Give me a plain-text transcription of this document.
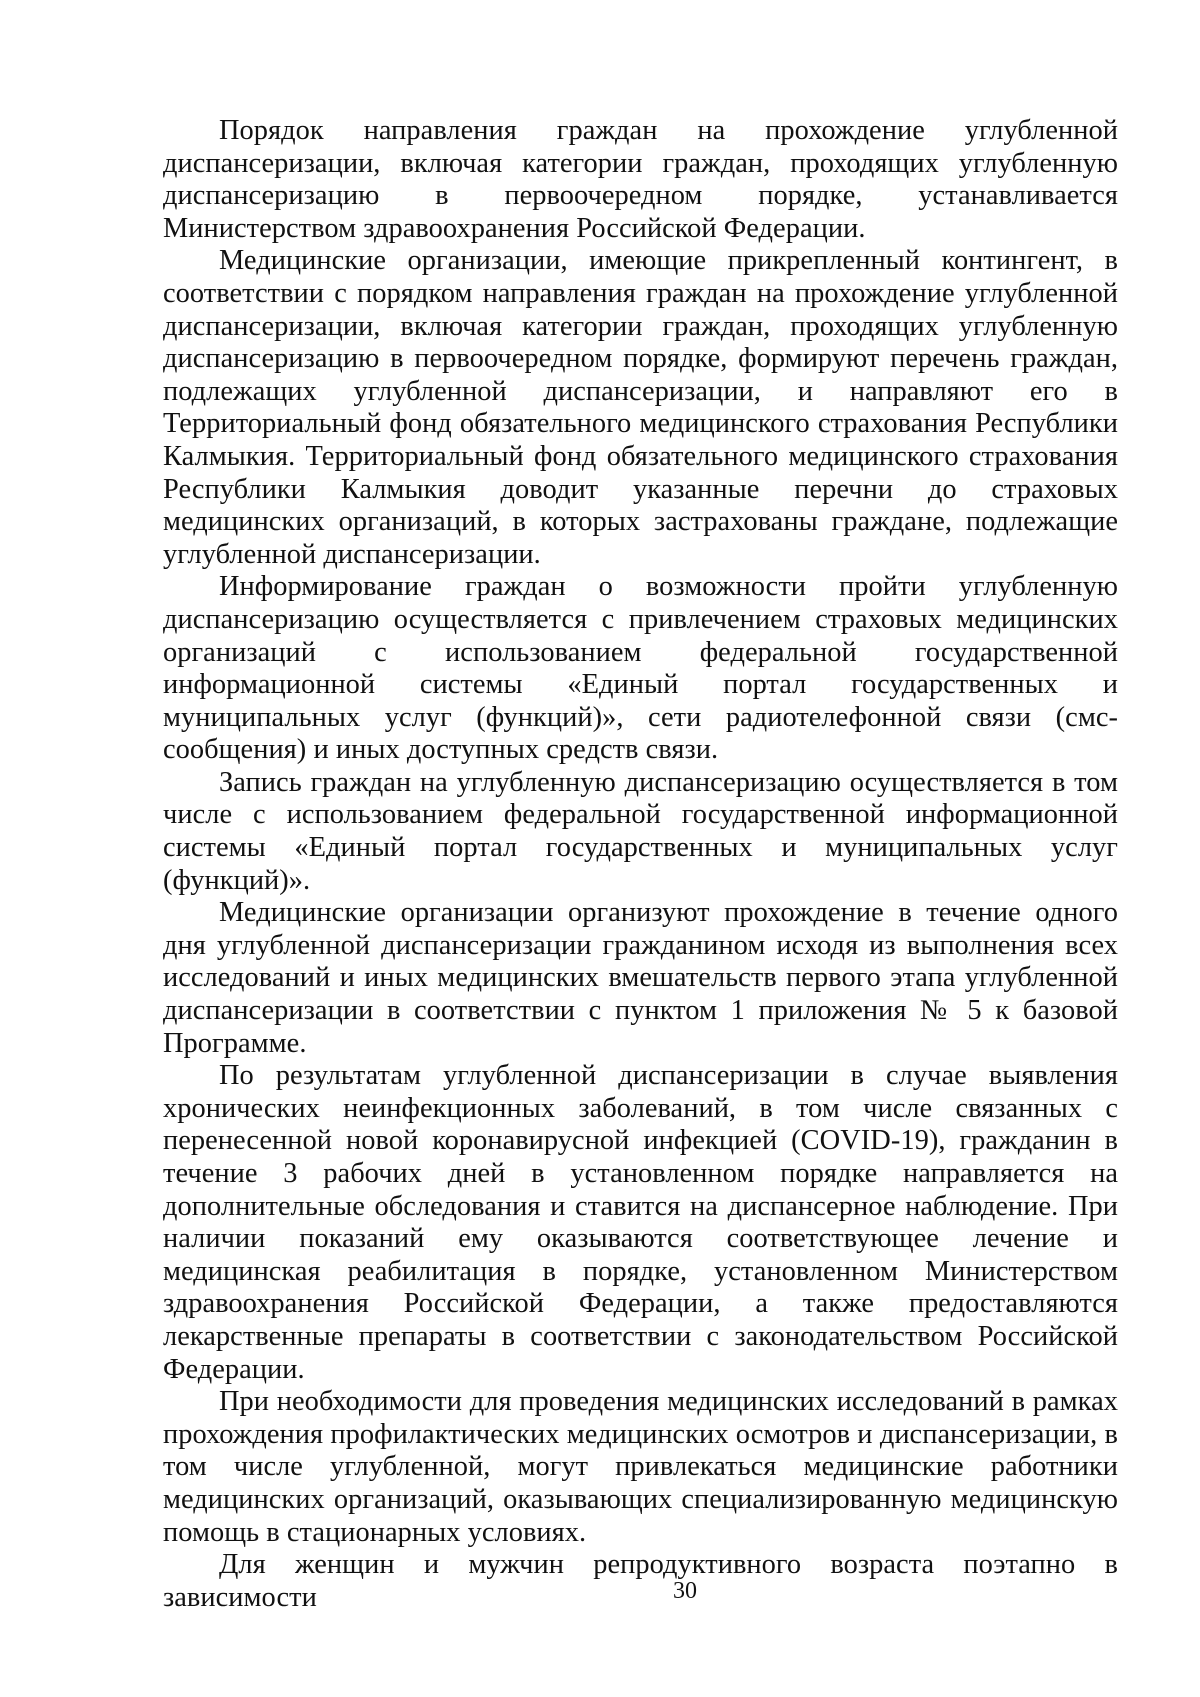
Порядок направления граждан на прохождение углубленной диспансеризации, включая категории граждан, проходящих углубленную диспансеризацию в первоочередном порядке, устанавливается Министерством здравоохранения Российской Федерации.

Медицинские организации, имеющие прикрепленный контингент, в соответствии с порядком направления граждан на прохождение углубленной диспансеризации, включая категории граждан, проходящих углубленную диспансеризацию в первоочередном порядке, формируют перечень граждан, подлежащих углубленной диспансеризации, и направляют его в Территориальный фонд обязательного медицинского страхования Республики Калмыкия. Территориальный фонд обязательного медицинского страхования Республики Калмыкия доводит указанные перечни до страховых медицинских организаций, в которых застрахованы граждане, подлежащие углубленной диспансеризации.

Информирование граждан о возможности пройти углубленную диспансеризацию осуществляется с привлечением страховых медицинских организаций с использованием федеральной государственной информационной системы «Единый портал государственных и муниципальных услуг (функций)», сети радиотелефонной связи (смс-сообщения) и иных доступных средств связи.

Запись граждан на углубленную диспансеризацию осуществляется в том числе с использованием федеральной государственной информационной системы «Единый портал государственных и муниципальных услуг (функций)».

Медицинские организации организуют прохождение в течение одного дня углубленной диспансеризации гражданином исходя из выполнения всех исследований и иных медицинских вмешательств первого этапа углубленной диспансеризации в соответствии с пунктом 1 приложения № 5 к базовой Программе.

По результатам углубленной диспансеризации в случае выявления хронических неинфекционных заболеваний, в том числе связанных с перенесенной новой коронавирусной инфекцией (COVID-19), гражданин в течение 3 рабочих дней в установленном порядке направляется на дополнительные обследования и ставится на диспансерное наблюдение. При наличии показаний ему оказываются соответствующее лечение и медицинская реабилитация в порядке, установленном Министерством здравоохранения Российской Федерации, а также предоставляются лекарственные препараты в соответствии с законодательством Российской Федерации.

При необходимости для проведения медицинских исследований в рамках прохождения профилактических медицинских осмотров и диспансеризации, в том числе углубленной, могут привлекаться медицинские работники медицинских организаций, оказывающих специализированную медицинскую помощь в стационарных условиях.

Для женщин и мужчин репродуктивного возраста поэтапно в зависимости	30
